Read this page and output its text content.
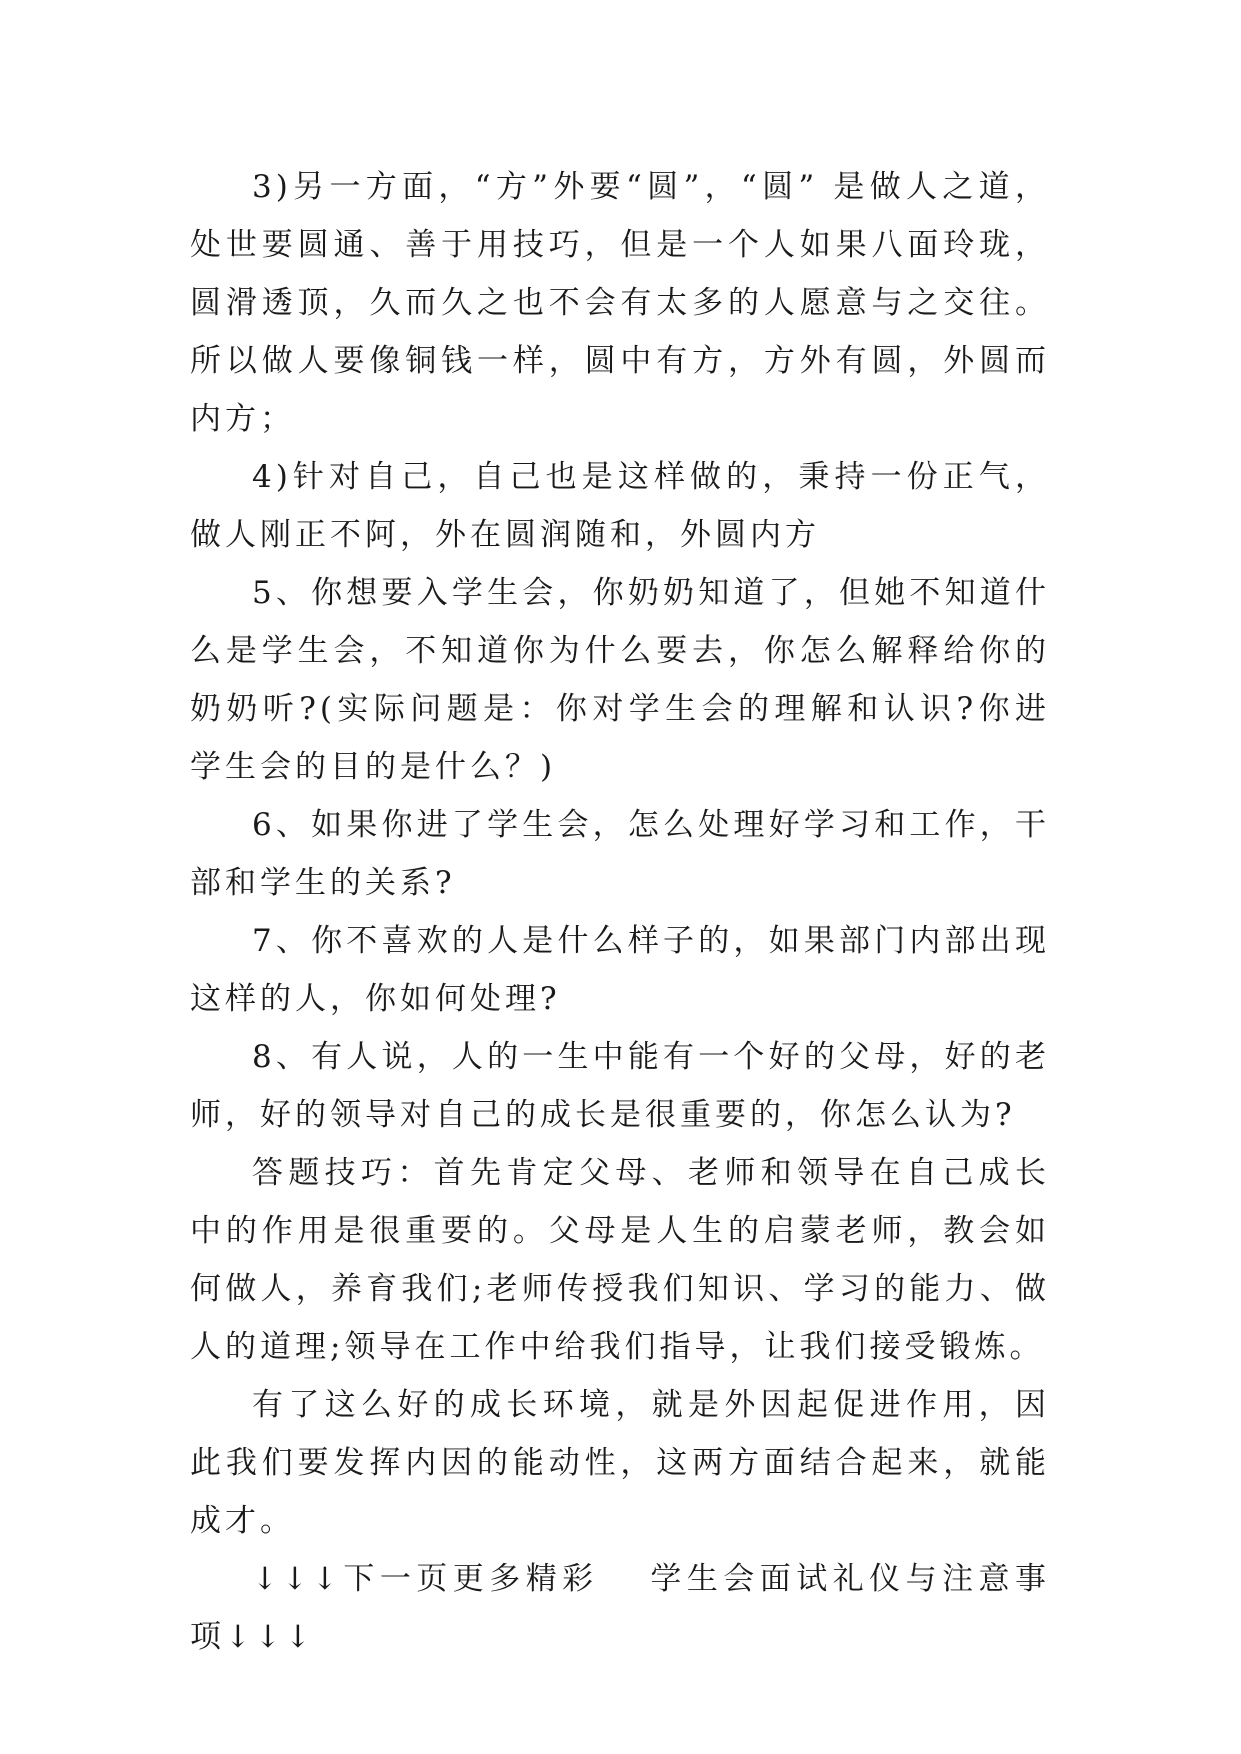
3)另一方面，“方”外要“圆”，“圆” 是做人之道，处世要圆通、善于用技巧，但是一个人如果八面玲珑，圆滑透顶，久而久之也不会有太多的人愿意与之交往。所以做人要像铜钱一样，圆中有方，方外有圆，外圆而内方；

4)针对自己，自己也是这样做的，秉持一份正气，做人刚正不阿，外在圆润随和，外圆内方

5、你想要入学生会，你奶奶知道了，但她不知道什么是学生会，不知道你为什么要去，你怎么解释给你的奶奶听?(实际问题是：你对学生会的理解和认识?你进学生会的目的是什么？)

6、如果你进了学生会，怎么处理好学习和工作，干部和学生的关系?

7、你不喜欢的人是什么样子的，如果部门内部出现这样的人，你如何处理?

8、有人说，人的一生中能有一个好的父母，好的老师，好的领导对自己的成长是很重要的，你怎么认为?

答题技巧：首先肯定父母、老师和领导在自己成长中的作用是很重要的。父母是人生的启蒙老师，教会如何做人，养育我们;老师传授我们知识、学习的能力、做人的道理;领导在工作中给我们指导，让我们接受锻炼。

有了这么好的成长环境，就是外因起促进作用，因此我们要发挥内因的能动性，这两方面结合起来，就能成才。

↓↓↓下一页更多精彩　 学生会面试礼仪与注意事项↓↓↓
